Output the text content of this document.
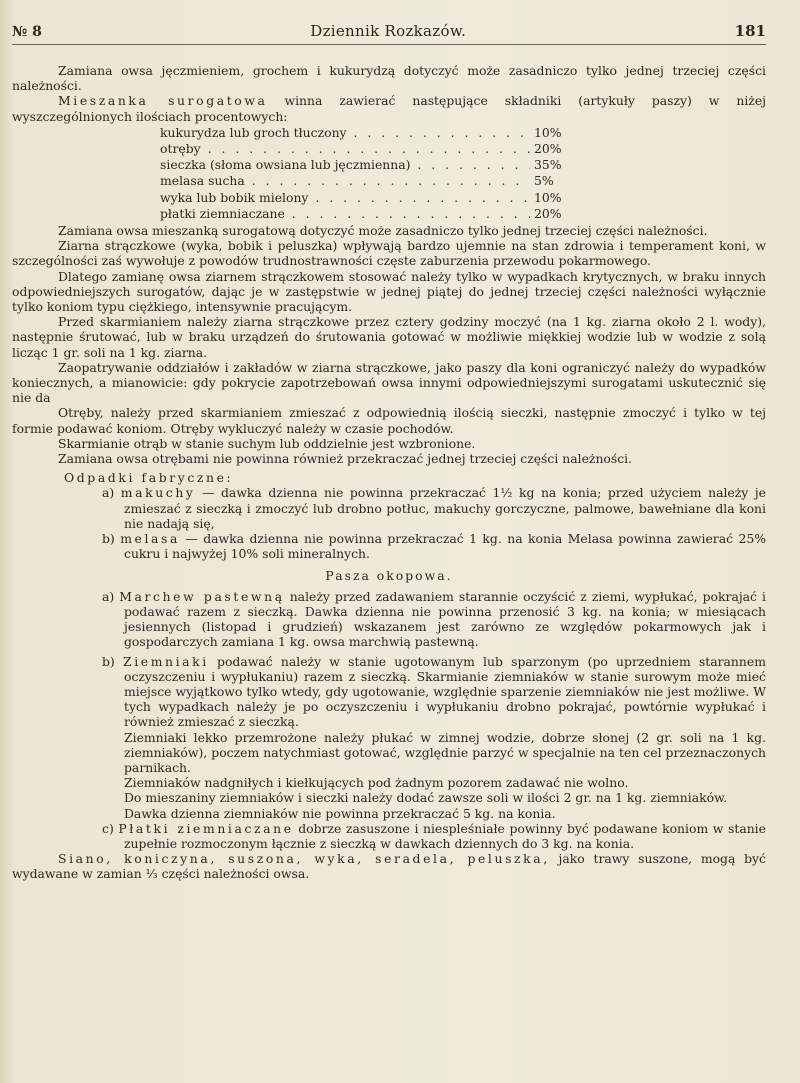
№ 8	Dziennik Rozkazów.	181

Zamiana owsa jęczmieniem, grochem i kukurydzą dotyczyć może zasadniczo tylko jednej trzeciej części należności.

Mieszanka surogatowa winna zawierać następujące składniki (artykuły paszy) w niżej wyszczególnionych ilościach procentowych:

kukurydza lub groch tłuczony . . .	10%
otręby . . .	20%
sieczka (słoma owsiana lub jęczmienna) . . .	35%
melasa sucha . . .	5%
wyka lub bobik mielony . . .	10%
płatki ziemniaczane . . .	20%

Zamiana owsa mieszanką surogatową dotyczyć może zasadniczo tylko jednej trzeciej części należności.

Ziarna strączkowe (wyka, bobik i peluszka) wpływają bardzo ujemnie na stan zdrowia i temperament koni, w szczególności zaś wywołuje z powodów trudnostrawności częste zaburzenia przewodu pokarmowego.

Dlatego zamianę owsa ziarnem strączkowem stosować należy tylko w wypadkach krytycznych, w braku innych odpowiedniejszych surogatów, dając je w zastępstwie w jednej piątej do jednej trzeciej części należności wyłącznie tylko koniom typu ciężkiego, intensywnie pracującym.

Przed skarmianiem należy ziarna strączkowe przez cztery godziny moczyć (na 1 kg. ziarna około 2 l. wody), następnie śrutować, lub w braku urządzeń do śrutowania gotować w możliwie miękkiej wodzie lub w wodzie z solą licząc 1 gr. soli na 1 kg. ziarna.

Zaopatrywanie oddziałów i zakładów w ziarna strączkowe, jako paszy dla koni ograniczyć należy do wypadków koniecznych, a mianowicie: gdy pokrycie zapotrzebowań owsa innymi odpowiedniejszymi surogatami uskutecznić się nie da

Otręby, należy przed skarmianiem zmieszać z odpowiednią ilością sieczki, następnie zmoczyć i tylko w tej formie podawać koniom. Otręby wykluczyć należy w czasie pochodów.

Skarmianie otrąb w stanie suchym lub oddzielnie jest wzbronione.

Zamiana owsa otrębami nie powinna również przekraczać jednej trzeciej części należności.

Odpadki fabryczne:

a) makuchy — dawka dzienna nie powinna przekraczać 1½ kg na konia; przed użyciem należy je zmieszać z sieczką i zmoczyć lub drobno potłuc, makuchy gorczyczne, palmowe, bawełniane dla koni nie nadają się,

b) melasa — dawka dzienna nie powinna przekraczać 1 kg. na konia Melasa powinna zawierać 25% cukru i najwyżej 10% soli mineralnych.

Pasza okopowa.

a) Marchew pastewną należy przed zadawaniem starannie oczyścić z ziemi, wypłukać, pokrajać i podawać razem z sieczką. Dawka dzienna nie powinna przenosić 3 kg. na konia; w miesiącach jesiennych (listopad i grudzień) wskazanem jest zarówno ze względów pokarmowych jak i gospodarczych zamiana 1 kg. owsa marchwią pastewną.

b) Ziemniaki podawać należy w stanie ugotowanym lub sparzonym (po uprzedniem starannem oczyszczeniu i wypłukaniu) razem z sieczką. Skarmianie ziemniaków w stanie surowym może mieć miejsce wyjątkowo tylko wtedy, gdy ugotowanie, względnie sparzenie ziemniaków nie jest możliwe. W tych wypadkach należy je po oczyszczeniu i wypłukaniu drobno pokrajać, powtórnie wypłukać i również zmieszać z sieczką.

Ziemniaki lekko przemrożone należy płukać w zimnej wodzie, dobrze słonej (2 gr. soli na 1 kg. ziemniaków), poczem natychmiast gotować, względnie parzyć w specjalnie na ten cel przeznaczonych parnikach.

Ziemniaków nadgniłych i kiełkujących pod żadnym pozorem zadawać nie wolno.

Do mieszaniny ziemniaków i sieczki należy dodać zawsze soli w ilości 2 gr. na 1 kg. ziemniaków.

Dawka dzienna ziemniaków nie powinna przekraczać 5 kg. na konia.

c) Płatki ziemniaczane dobrze zasuszone i niespleśniałe powinny być podawane koniom w stanie zupełnie rozmoczonym łącznie z sieczką w dawkach dziennych do 3 kg. na konia.

Siano, koniczyna, suszona, wyka, seradela, peluszka, jako trawy suszone, mogą być wydawane w zamian ⅓ części należności owsa.
